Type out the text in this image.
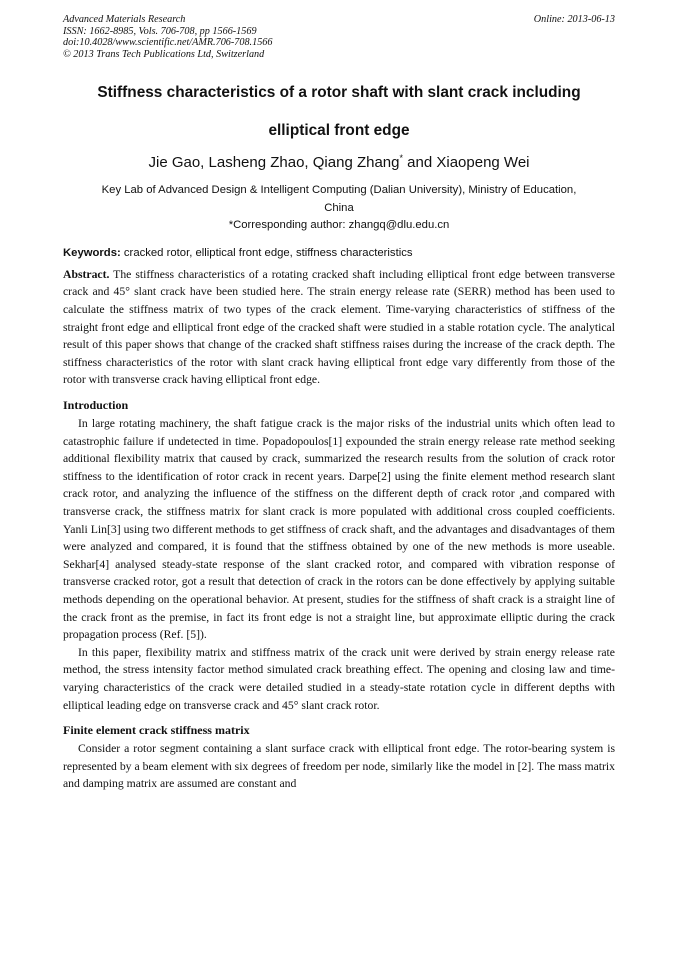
Advanced Materials Research
ISSN: 1662-8985, Vols. 706-708, pp 1566-1569
doi:10.4028/www.scientific.net/AMR.706-708.1566
© 2013 Trans Tech Publications Ltd, Switzerland
Online: 2013-06-13
Stiffness characteristics of a rotor shaft with slant crack including
elliptical front edge
Jie Gao, Lasheng Zhao, Qiang Zhang* and Xiaopeng Wei
Key Lab of Advanced Design & Intelligent Computing (Dalian University), Ministry of Education,
China
*Corresponding author: zhangq@dlu.edu.cn
Keywords: cracked rotor, elliptical front edge, stiffness characteristics

Abstract. The stiffness characteristics of a rotating cracked shaft including elliptical front edge between transverse crack and 45° slant crack have been studied here. The strain energy release rate (SERR) method has been used to calculate the stiffness matrix of two types of the crack element. Time-varying characteristics of stiffness of the straight front edge and elliptical front edge of the cracked shaft were studied in a stable rotation cycle. The analytical result of this paper shows that change of the cracked shaft stiffness raises during the increase of the crack depth. The stiffness characteristics of the rotor with slant crack having elliptical front edge vary differently from those of the rotor with transverse crack having elliptical front edge.

Introduction

In large rotating machinery, the shaft fatigue crack is the major risks of the industrial units which often lead to catastrophic failure if undetected in time. Popadopoulos[1] expounded the strain energy release rate method seeking additional flexibility matrix that caused by crack, summarized the research results from the solution of crack rotor stiffness to the identification of rotor crack in recent years. Darpe[2] using the finite element method research slant crack rotor, and analyzing the influence of the stiffness on the different depth of crack rotor ,and compared with transverse crack, the stiffness matrix for slant crack is more populated with additional cross coupled coefficients. Yanli Lin[3] using two different methods to get stiffness of crack shaft, and the advantages and disadvantages of them were analyzed and compared, it is found that the stiffness obtained by one of the new methods is more useable. Sekhar[4] analysed steady-state response of the slant cracked rotor, and compared with vibration response of transverse cracked rotor, got a result that detection of crack in the rotors can be done effectively by applying suitable methods depending on the operational behavior. At present, studies for the stiffness of shaft crack is a straight line of the crack front as the premise, in fact its front edge is not a straight line, but approximate elliptic during the crack propagation process (Ref. [5]).

In this paper, flexibility matrix and stiffness matrix of the crack unit were derived by strain energy release rate method, the stress intensity factor method simulated crack breathing effect. The opening and closing law and time-varying characteristics of the crack were detailed studied in a steady-state rotation cycle in different depths with elliptical leading edge on transverse crack and 45° slant crack rotor.

Finite element crack stiffness matrix

Consider a rotor segment containing a slant surface crack with elliptical front edge. The rotor-bearing system is represented by a beam element with six degrees of freedom per node, similarly like the model in [2]. The mass matrix and damping matrix are assumed are constant and
